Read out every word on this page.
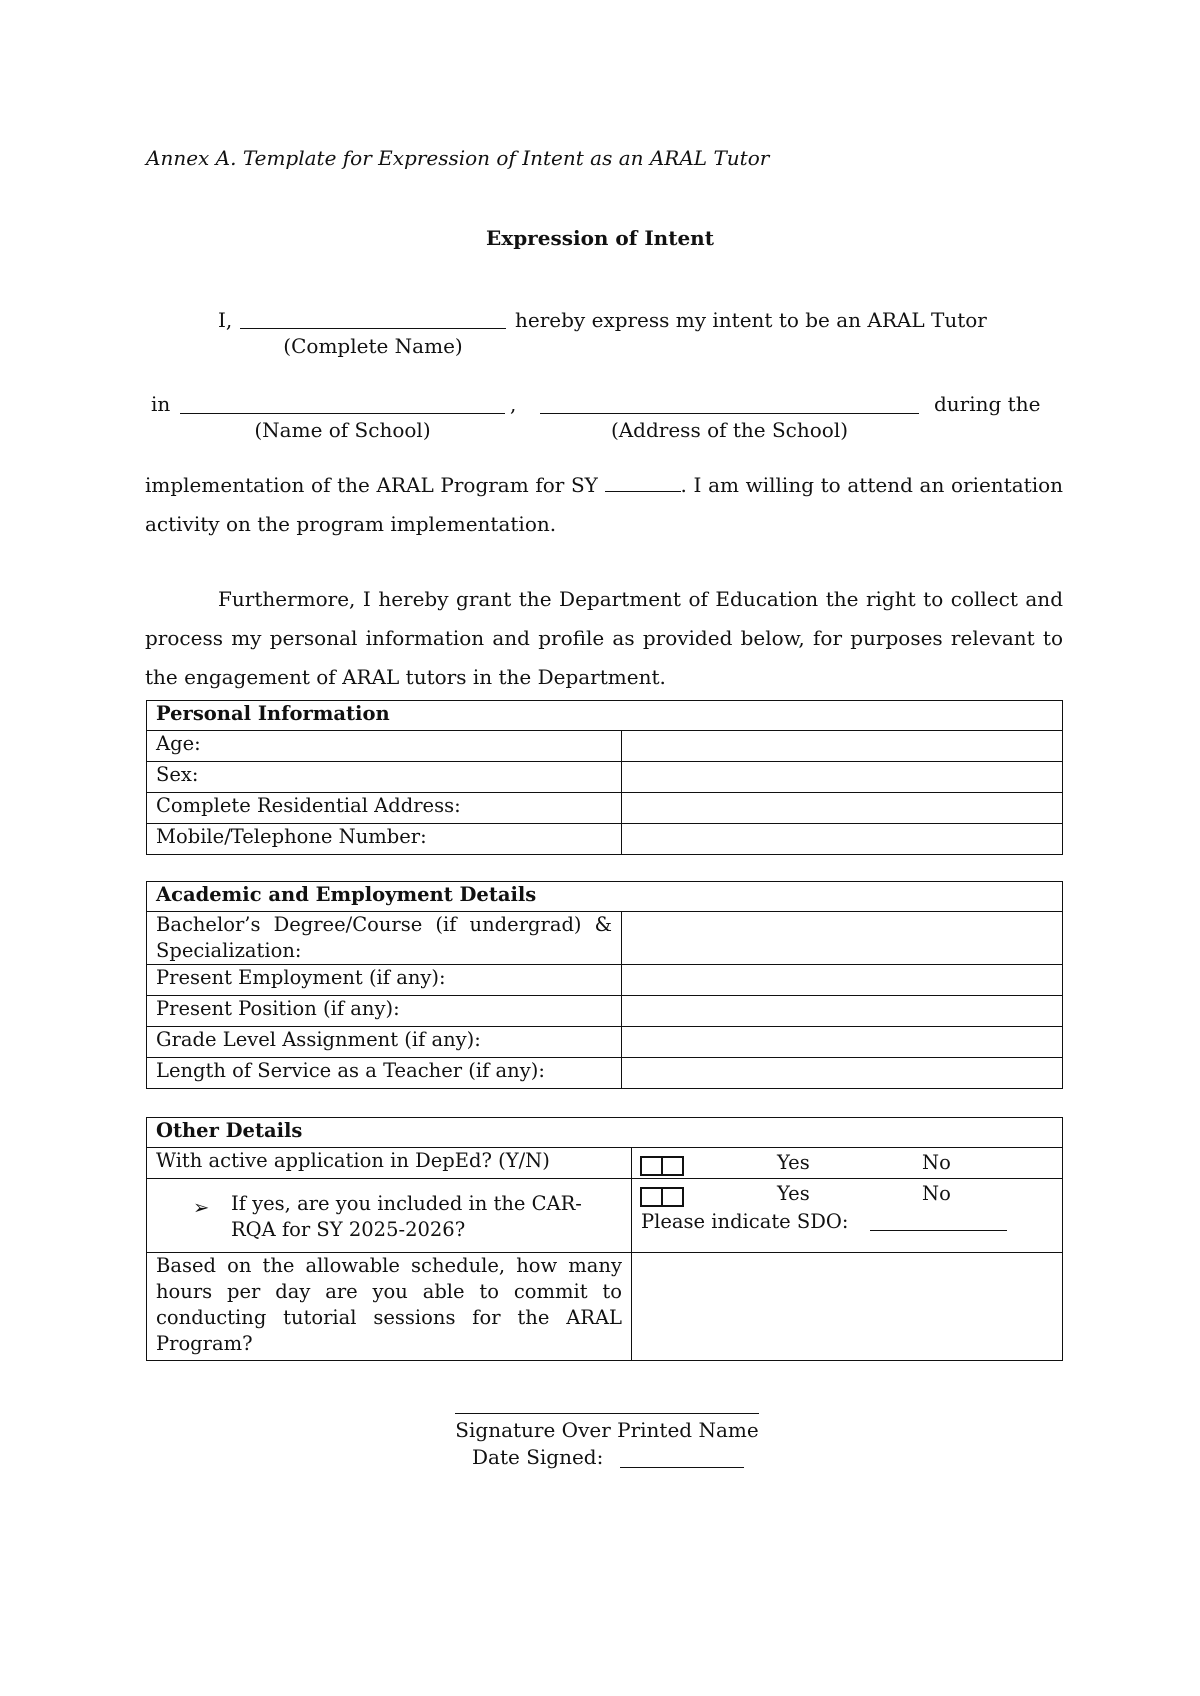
Annex A. Template for Expression of Intent as an ARAL Tutor
Expression of Intent
I,	hereby express my intent to be an ARAL Tutor
(Complete Name)
in	,	during the
(Name of School)	(Address of the School)

implementation of the ARAL Program for SY	. I am willing to attend an orientation activity on the program implementation.

Furthermore, I hereby grant the Department of Education the right to collect and process my personal information and profile as provided below, for purposes relevant to the engagement of ARAL tutors in the Department.

Personal Information	
Age:	
Sex:	
Complete Residential Address:	
Mobile/Telephone Number:	
Academic and Employment Details	
Bachelor’s Degree/Course (if undergrad) & Specialization:	
Present Employment (if any):	
Present Position (if any):	
Grade Level Assignment (if any):	
Length of Service as a Teacher (if any):	
Other Details	
With active application in DepEd? (Y/N)	Yes No

➢ If yes, are you included in the CAR-RQA for SY 2025-2026?	Yes No
Please indicate SDO:

Based on the allowable schedule, how many hours per day are you able to commit to conducting tutorial sessions for the ARAL Program?	
Signature Over Printed Name
Date Signed:
